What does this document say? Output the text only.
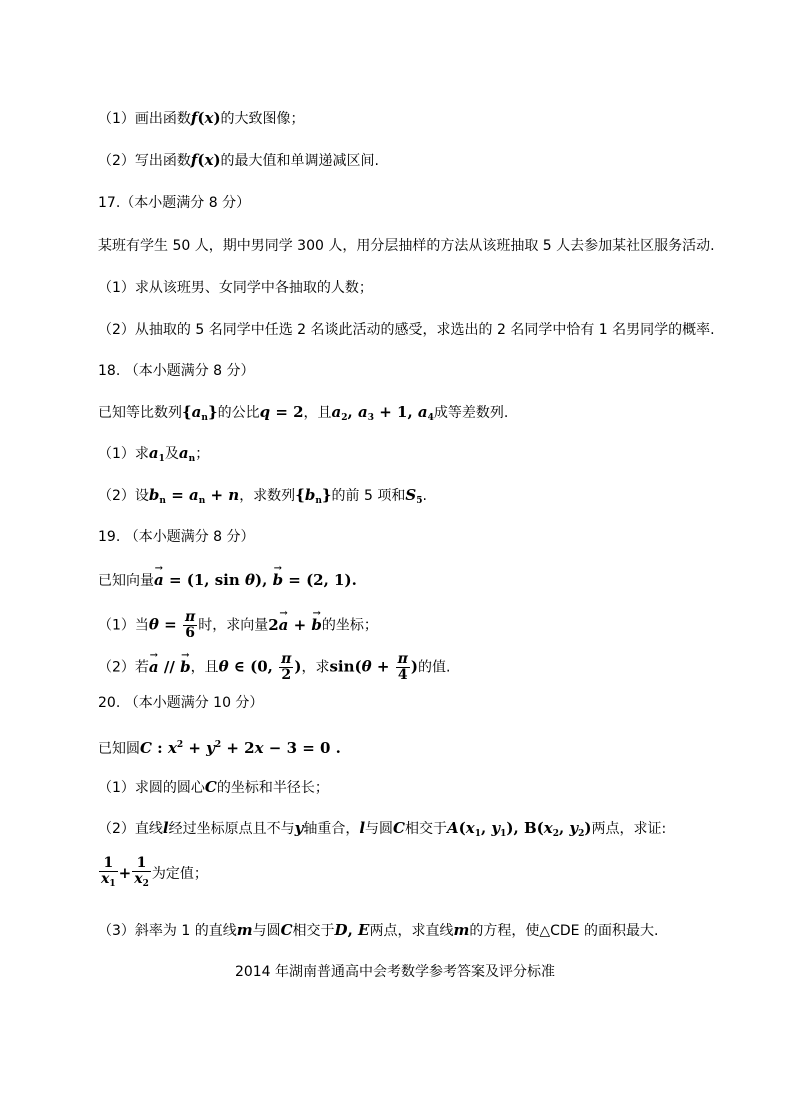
（1）画出函数f(x)的大致图像；
（2）写出函数f(x)的最大值和单调递减区间.
17.（本小题满分 8 分）
某班有学生 50 人，期中男同学 300 人，用分层抽样的方法从该班抽取 5 人去参加某社区服务活动.
（1）求从该班男、女同学中各抽取的人数；
（2）从抽取的 5 名同学中任选 2 名谈此活动的感受，求选出的 2 名同学中恰有 1 名男同学的概率.
18. （本小题满分 8 分）
已知等比数列$\{a_n\}$的公比q = 2，且$a_2$, $a_3 + 1$, $a_4$成等差数列.
（1）求$a_1$及$a_n$；
（2）设$b_n = a_n + n$，求数列$\{b_n\}$的前 5 项和$S_5$.
19. （本小题满分 8 分）
已知向量→ a = (1, sin θ), → b = (2, 1).
（1）当$\theta = \frac{\pi}{6}$ 时，求向量2→ a + → b的坐标；
（2）若→ a // → b，且θ ∈ (0, $\frac{\pi}{2}$ )，求$\sin(\theta + \frac{\pi}{4}$ )的值.
20. （本小题满分 10 分）
已知圆C : $x^2 + y^2 + 2x - 3 = 0$ .
（1）求圆的圆心C的坐标和半径长；
（2）直线l经过坐标原点且不与y轴重合，l与圆C相交于$A(x_1$, $y_1$), $B(x_2$, $y_2$)两点，求证:
$\frac{1}{x_1} + \frac{1}{x_2}$ 为定值；
（3）斜率为 1 的直线m与圆C相交于D, E两点，求直线m的方程，使△CDE 的面积最大.
2014 年湖南普通高中会考数学参考答案及评分标准
